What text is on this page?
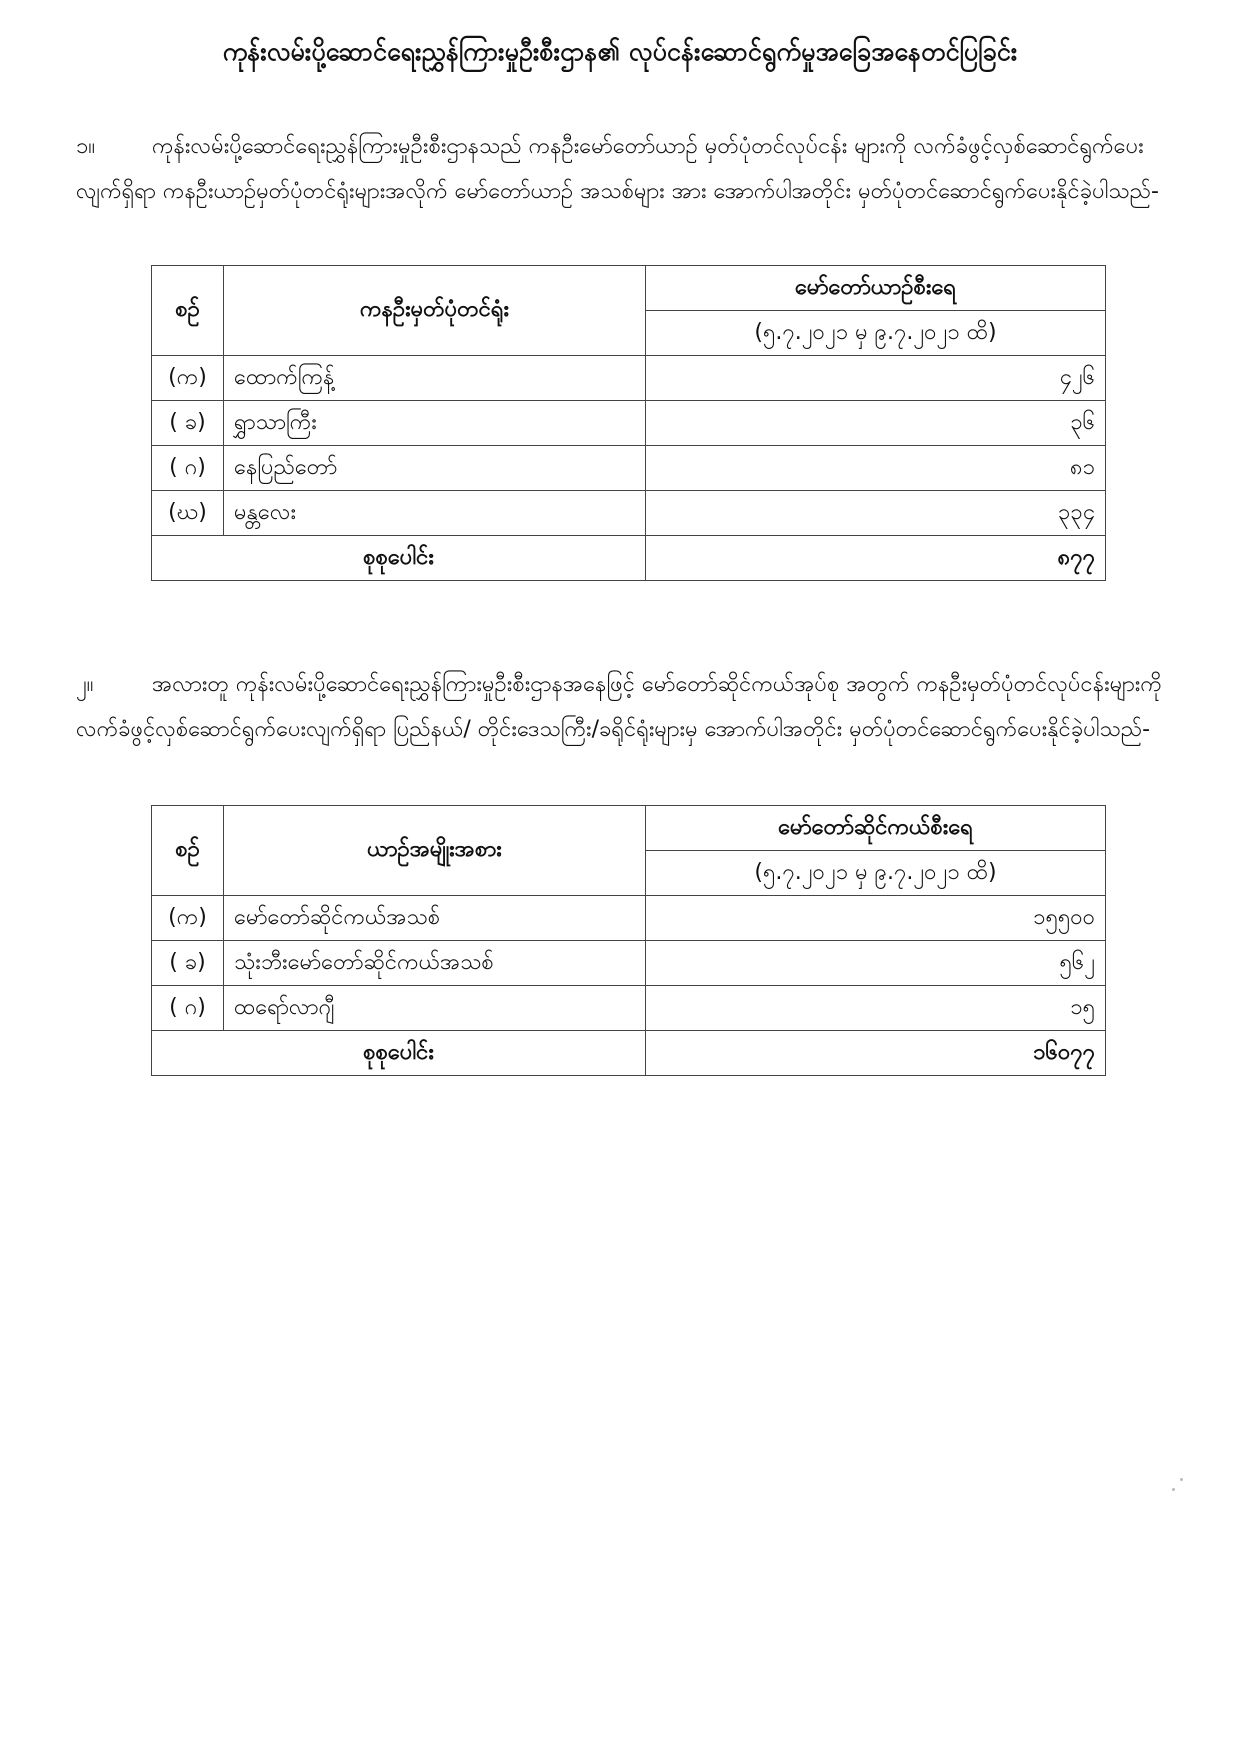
ကုန်းလမ်းပို့ဆောင်ရေးညွှန်ကြားမှုဦးစီးဌာန၏ လုပ်ငန်းဆောင်ရွက်မှုအခြေအနေတင်ပြခြင်း
၁။	ကုန်းလမ်းပို့ဆောင်ရေးညွှန်ကြားမှုဦးစီးဌာနသည် ကနဦးမော်တော်ယာဉ် မှတ်ပုံတင်လုပ်ငန်း များကို လက်ခံဖွင့်လှစ်ဆောင်ရွက်ပေးလျက်ရှိရာ ကနဦးယာဉ်မှတ်ပုံတင်ရုံးများအလိုက် မော်တော်ယာဉ် အသစ်များ အား အောက်ပါအတိုင်း မှတ်ပုံတင်ဆောင်ရွက်ပေးနိုင်ခဲ့ပါသည်-
စဉ်	ကနဦးမှတ်ပုံတင်ရုံး	မော်တော်ယာဉ်စီးရေ
		(၅.၇.၂၀၂၁ မှ ၉.၇.၂၀၂၁ ထိ)
(က)	ထောက်ကြန့်	၄၂၆
( ခ)	ရွှာသာကြီး	၃၆
( ဂ)	နေပြည်တော်	၈၁
(ဃ)	မန္တလေး	၃၃၄
စုစုပေါင်း		၈၇၇
၂။	အလားတူ ကုန်းလမ်းပို့ဆောင်ရေးညွှန်ကြားမှုဦးစီးဌာနအနေဖြင့် မော်တော်ဆိုင်ကယ်အုပ်စု အတွက် ကနဦးမှတ်ပုံတင်လုပ်ငန်းများကို လက်ခံဖွင့်လှစ်ဆောင်ရွက်ပေးလျက်ရှိရာ ပြည်နယ်/ တိုင်းဒေသကြီး/ခရိုင်ရုံးများမှ အောက်ပါအတိုင်း မှတ်ပုံတင်ဆောင်ရွက်ပေးနိုင်ခဲ့ပါသည်-
စဉ်	ယာဉ်အမျိုးအစား	မော်တော်ဆိုင်ကယ်စီးရေ
		(၅.၇.၂၀၂၁ မှ ၉.၇.၂၀၂၁ ထိ)
(က)	မော်တော်ဆိုင်ကယ်အသစ်	၁၅၅၀၀
( ခ)	သုံးဘီးမော်တော်ဆိုင်ကယ်အသစ်	၅၆၂
( ဂ)	ထရော်လာဂျီ	၁၅
စုစုပေါင်း		၁၆၀၇၇
